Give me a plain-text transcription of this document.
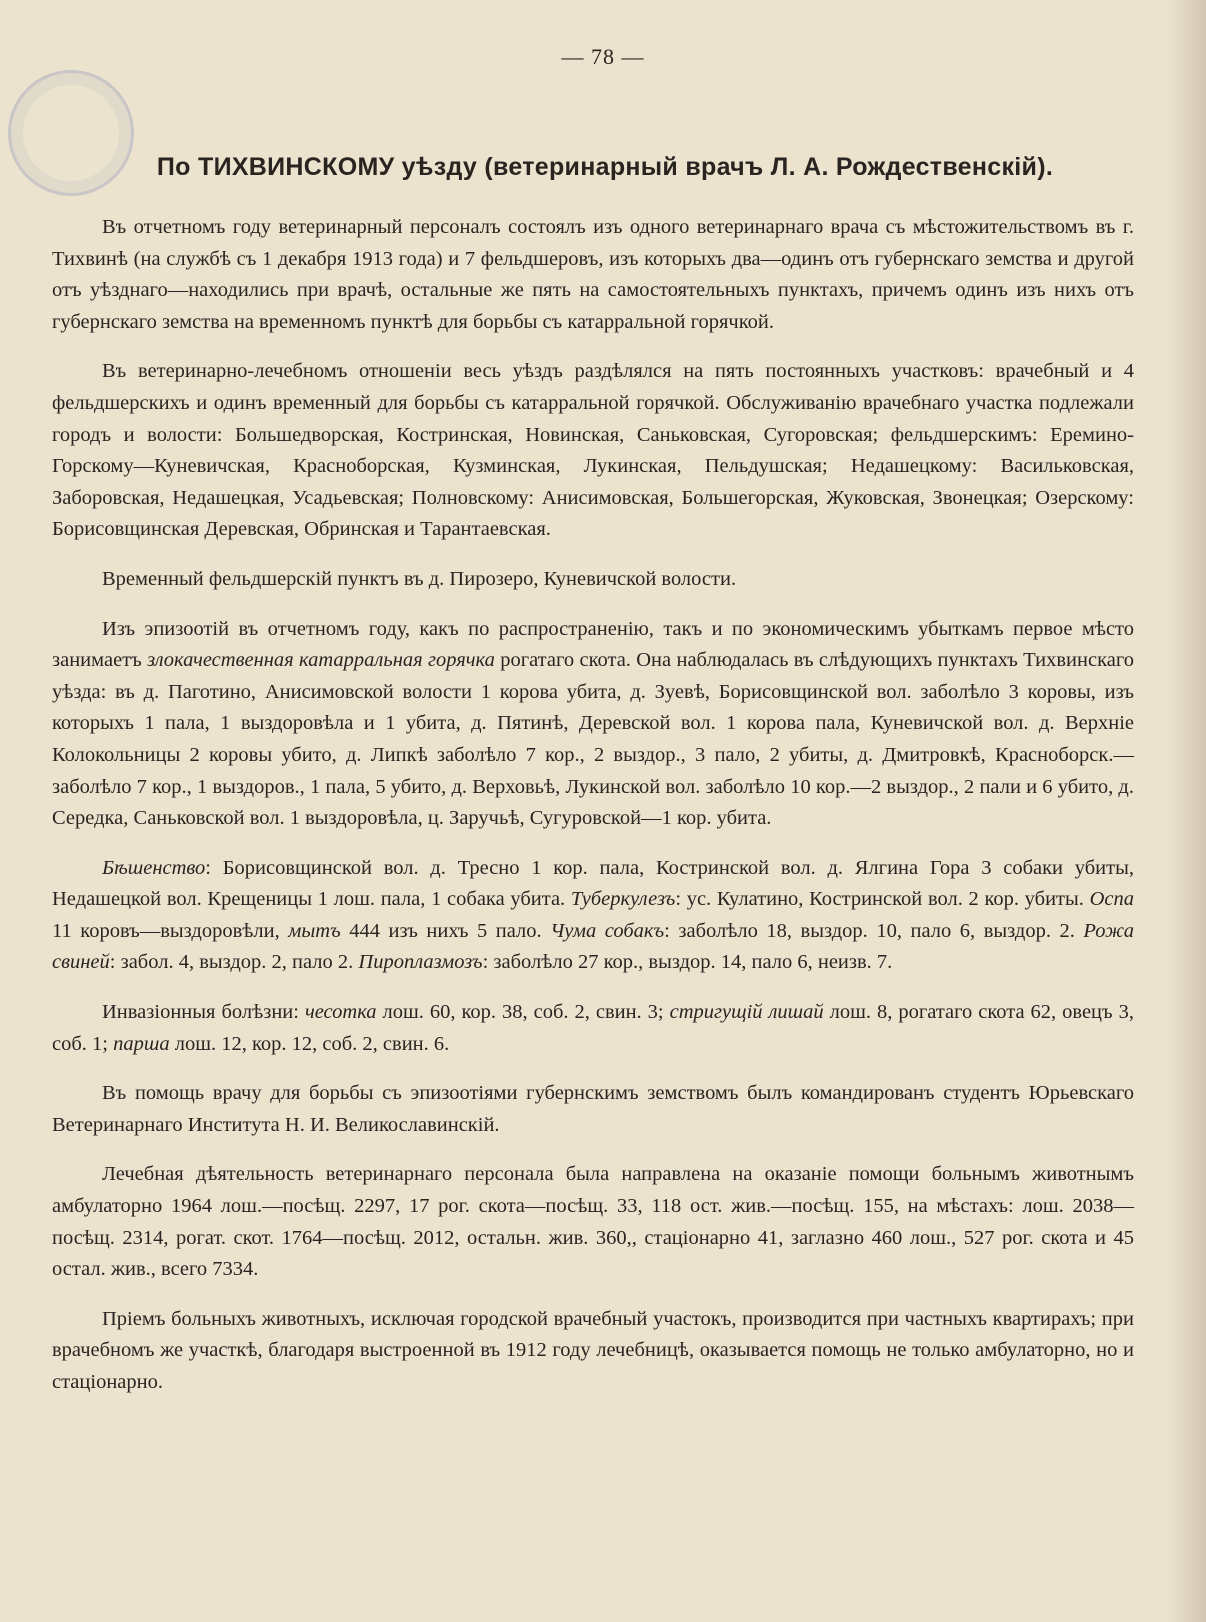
— 78 —
По ТИХВИНСКОМУ уѣзду (ветеринарный врачъ Л. А. Рождественскій).

Въ отчетномъ году ветеринарный персоналъ состоялъ изъ одного ветеринарнаго врача съ мѣстожительствомъ въ г. Тихвинѣ (на службѣ съ 1 декабря 1913 года) и 7 фельдшеровъ, изъ которыхъ два—одинъ отъ губернскаго земства и другой отъ уѣзднаго—находились при врачѣ, остальные же пять на самостоятельныхъ пунктахъ, причемъ одинъ изъ нихъ отъ губернскаго земства на временномъ пунктѣ для борьбы съ катарральной горячкой.

Въ ветеринарно-лечебномъ отношеніи весь уѣздъ раздѣлялся на пять постоянныхъ участковъ: врачебный и 4 фельдшерскихъ и одинъ временный для борьбы съ катарральной горячкой. Обслуживанію врачебнаго участка подлежали городъ и волости: Большедворская, Костринская, Новинская, Саньковская, Сугоровская; фельдшерскимъ: Еремино-Горскому—Куневичская, Красноборская, Кузминская, Лукинская, Пельдушская; Недашецкому: Васильковская, Заборовская, Недашецкая, Усадьевская; Полновскому: Анисимовская, Большегорская, Жуковская, Звонецкая; Озерскому: Борисовщинская Деревская, Обринская и Тарантаевская.

Временный фельдшерскій пунктъ въ д. Пирозеро, Куневичской волости.

Изъ эпизоотій въ отчетномъ году, какъ по распространенію, такъ и по экономическимъ убыткамъ первое мѣсто занимаетъ злокачественная катарральная горячка рогатаго скота. Она наблюдалась въ слѣдующихъ пунктахъ Тихвинскаго уѣзда: въ д. Паготино, Анисимовской волости 1 корова убита, д. Зуевѣ, Борисовщинской вол. заболѣло 3 коровы, изъ которыхъ 1 пала, 1 выздоровѣла и 1 убита, д. Пятинѣ, Деревской вол. 1 корова пала, Куневичской вол. д. Верхніе Колокольницы 2 коровы убито, д. Липкѣ заболѣло 7 кор., 2 выздор., 3 пало, 2 убиты, д. Дмитровкѣ, Красноборск.—заболѣло 7 кор., 1 выздоров., 1 пала, 5 убито, д. Верховьѣ, Лукинской вол. заболѣло 10 кор.—2 выздор., 2 пали и 6 убито, д. Середка, Саньковской вол. 1 выздоровѣла, ц. Заручьѣ, Сугуровской—1 кор. убита.

Бѣшенство: Борисовщинской вол. д. Тресно 1 кор. пала, Костринской вол. д. Ялгина Гора 3 собаки убиты, Недашецкой вол. Крещеницы 1 лош. пала, 1 собака убита. Туберкулезъ: ус. Кулатино, Костринской вол. 2 кор. убиты. Оспа 11 коровъ—выздоровѣли, мытъ 444 изъ нихъ 5 пало. Чума собакъ: заболѣло 18, выздор. 10, пало 6, выздор. 2. Рожа свиней: забол. 4, выздор. 2, пало 2. Пироплазмозъ: заболѣло 27 кор., выздор. 14, пало 6, неизв. 7.

Инвазіонныя болѣзни: чесотка лош. 60, кор. 38, соб. 2, свин. 3; стригущій лишай лош. 8, рогатаго скота 62, овецъ 3, соб. 1; парша лош. 12, кор. 12, соб. 2, свин. 6.

Въ помощь врачу для борьбы съ эпизоотіями губернскимъ земствомъ былъ командированъ студентъ Юрьевскаго Ветеринарнаго Института Н. И. Великославинскій.

Лечебная дѣятельность ветеринарнаго персонала была направлена на оказаніе помощи больнымъ животнымъ амбулаторно 1964 лош.—посѣщ. 2297, 17 рог. скота—посѣщ. 33, 118 ост. жив.—посѣщ. 155, на мѣстахъ: лош. 2038—посѣщ. 2314, рогат. скот. 1764—посѣщ. 2012, остальн. жив. 360,, стаціонарно 41, заглазно 460 лош., 527 рог. скота и 45 остал. жив., всего 7334.

Пріемъ больныхъ животныхъ, исключая городской врачебный участокъ, производится при частныхъ квартирахъ; при врачебномъ же участкѣ, благодаря выстроенной въ 1912 году лечебницѣ, оказывается помощь не только амбулаторно, но и стаціонарно.
